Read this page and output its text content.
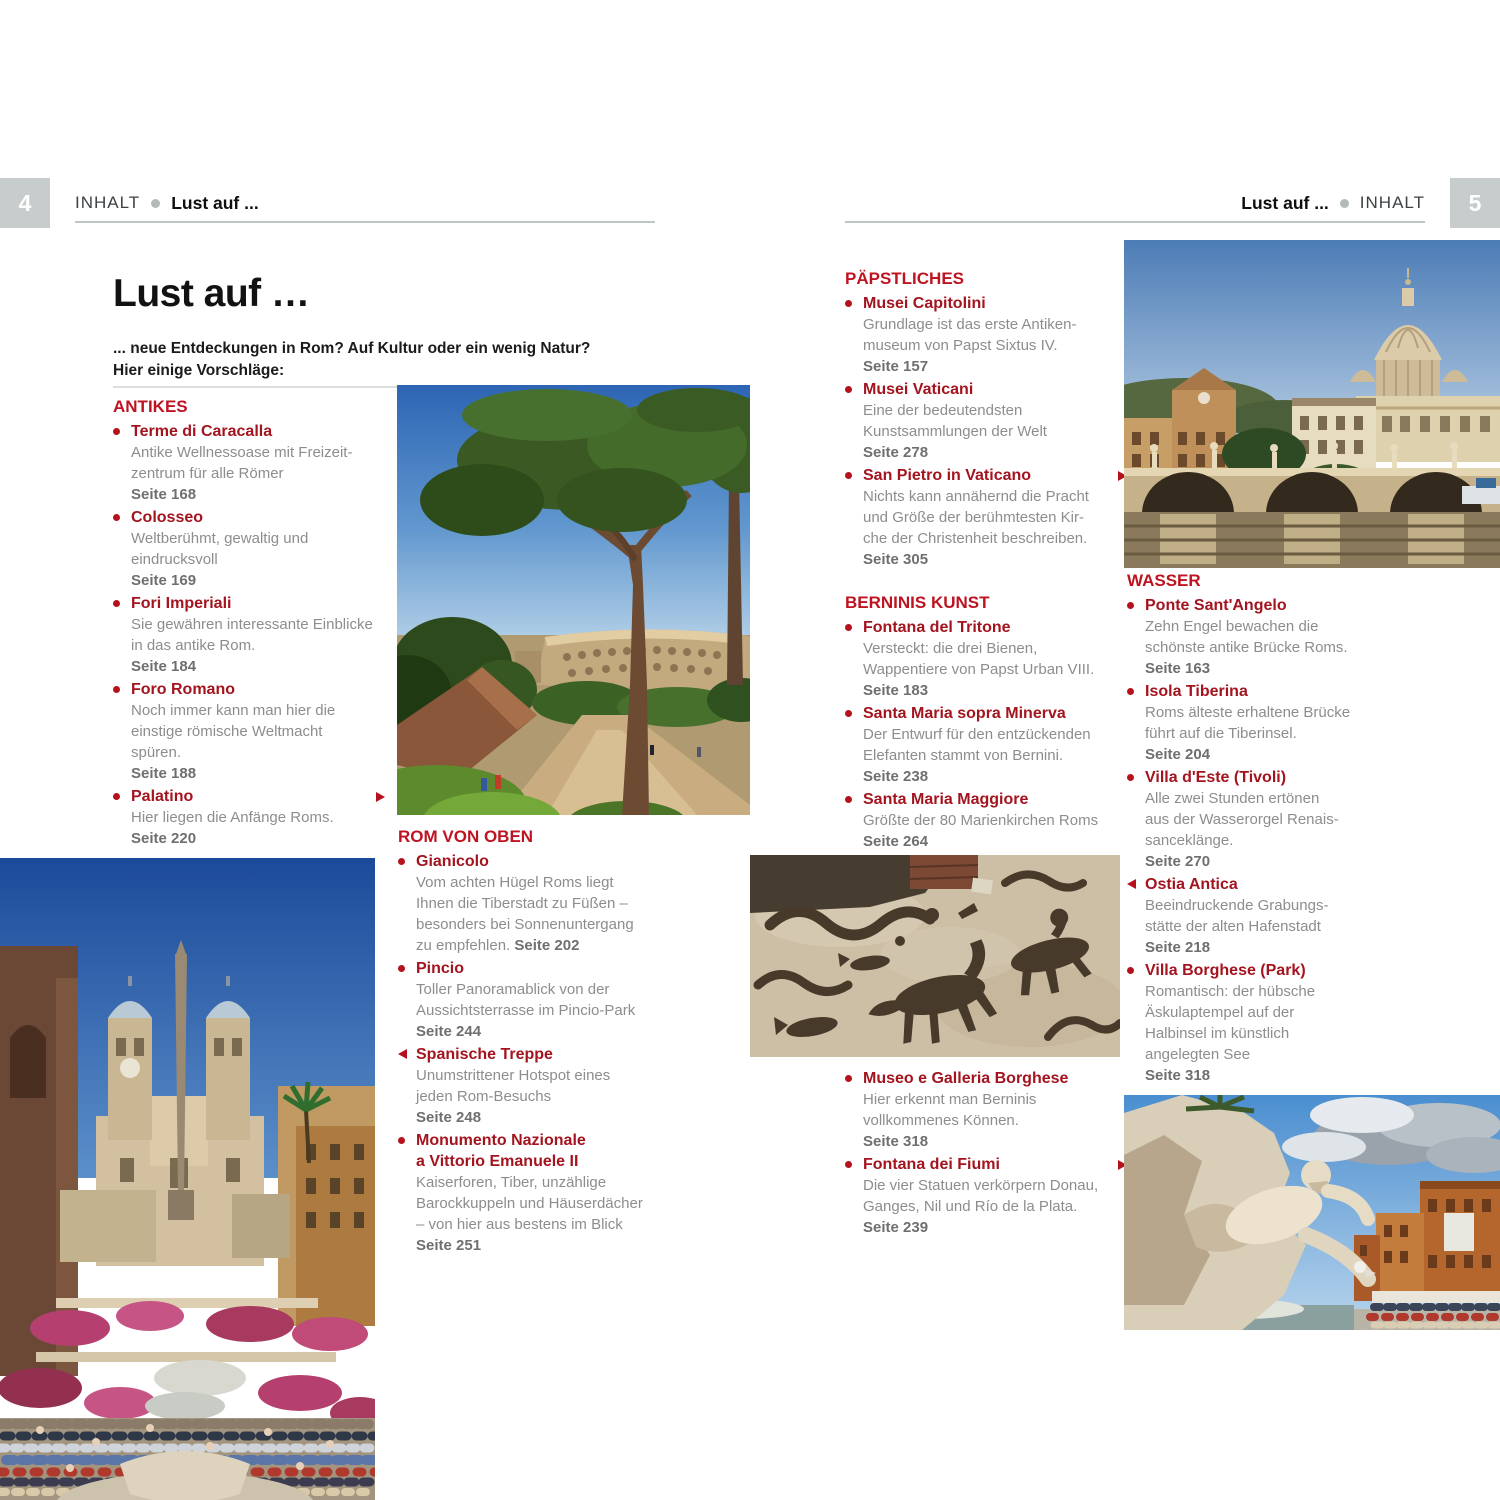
4	INHALT Lust auf ...	Lust auf ... INHALT	5
Lust auf …
... neue Entdeckungen in Rom? Auf Kultur oder ein wenig Natur?
Hier einige Vorschläge:
ANTIKES
Terme di Caracalla
Antike Wellnessoase mit Freizeit-
zentrum für alle Römer
Seite 168
Colosseo
Weltberühmt, gewaltig und
eindrucksvoll
Seite 169
Fori Imperiali
Sie gewähren interessante Einblicke
in das antike Rom.
Seite 184
Foro Romano
Noch immer kann man hier die
einstige römische Weltmacht
spüren.
Seite 188
Palatino
Hier liegen die Anfänge Roms.
Seite 220	ROM VON OBEN
Gianicolo
Vom achten Hügel Roms liegt
Ihnen die Tiberstadt zu Füßen –
besonders bei Sonnenuntergang
zu empfehlen. Seite 202
Pincio
Toller Panoramablick von der
Aussichtsterrasse im Pincio-Park
Seite 244
Spanische Treppe
Unumstrittener Hotspot eines
jeden Rom-Besuchs
Seite 248
Monumento Nazionale
a Vittorio Emanuele II
Kaiserforen, Tiber, unzählige
Barockkuppeln und Häuserdächer
– von hier aus bestens im Blick
Seite 251
PÄPSTLICHES
Musei Capitolini
Grundlage ist das erste Antiken-
museum von Papst Sixtus IV.
Seite 157
Musei Vaticani
Eine der bedeutendsten
Kunstsammlungen der Welt
Seite 278
San Pietro in Vaticano
Nichts kann annähernd die Pracht
und Größe der berühmtesten Kir-
che der Christenheit beschreiben.
Seite 305
BERNINIS KUNST
Fontana del Tritone
Versteckt: die drei Bienen,
Wappentiere von Papst Urban VIII.
Seite 183
Santa Maria sopra Minerva
Der Entwurf für den entzückenden
Elefanten stammt von Bernini.
Seite 238
Santa Maria Maggiore
Größte der 80 Marienkirchen Roms
Seite 264
Museo e Galleria Borghese
Hier erkennt man Berninis
vollkommenes Können.
Seite 318
Fontana dei Fiumi
Die vier Statuen verkörpern Donau,
Ganges, Nil und Río de la Plata.
Seite 239
WASSER
Ponte Sant'Angelo
Zehn Engel bewachen die
schönste antike Brücke Roms.
Seite 163
Isola Tiberina
Roms älteste erhaltene Brücke
führt auf die Tiberinsel.
Seite 204
Villa d'Este (Tivoli)
Alle zwei Stunden ertönen
aus der Wasserorgel Renais-
sanceklänge.
Seite 270
Ostia Antica
Beeindruckende Grabungs-
stätte der alten Hafenstadt
Seite 218
Villa Borghese (Park)
Romantisch: der hübsche
Äskulaptempel auf der
Halbinsel im künstlich
angelegten See
Seite 318
